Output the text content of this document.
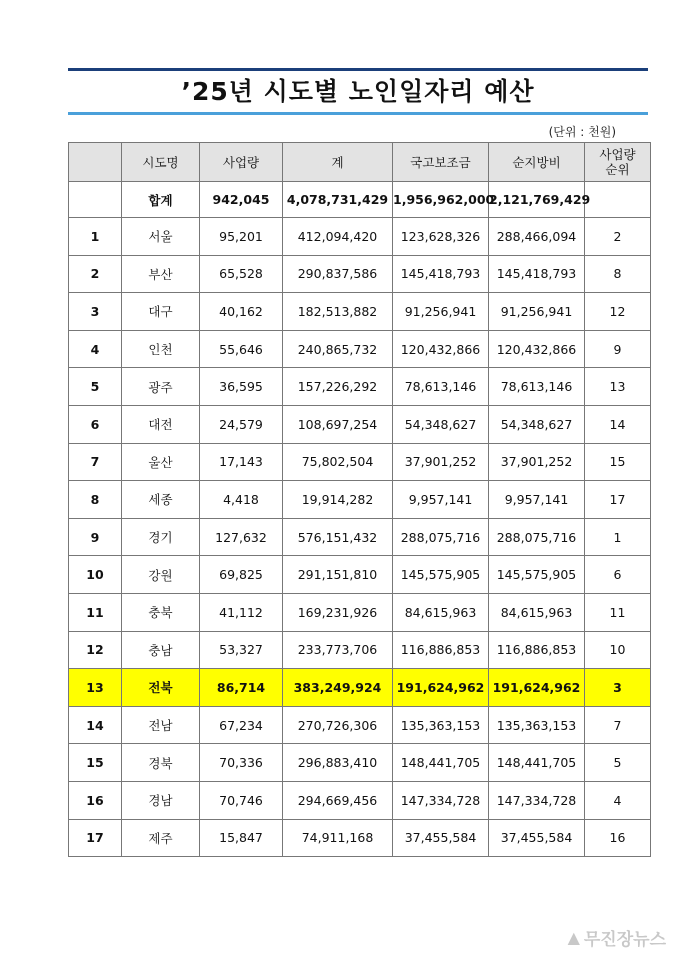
’25년 시도별 노인일자리 예산
(단위 : 천원)
	시도명	사업량	계	국고보조금	순지방비	사업량
순위
	합계	942,045	4,078,731,429	1,956,962,000	2,121,769,429	
1	서울	95,201	412,094,420	123,628,326	288,466,094	2
2	부산	65,528	290,837,586	145,418,793	145,418,793	8
3	대구	40,162	182,513,882	91,256,941	91,256,941	12
4	인천	55,646	240,865,732	120,432,866	120,432,866	9
5	광주	36,595	157,226,292	78,613,146	78,613,146	13
6	대전	24,579	108,697,254	54,348,627	54,348,627	14
7	울산	17,143	75,802,504	37,901,252	37,901,252	15
8	세종	4,418	19,914,282	9,957,141	9,957,141	17
9	경기	127,632	576,151,432	288,075,716	288,075,716	1
10	강원	69,825	291,151,810	145,575,905	145,575,905	6
11	충북	41,112	169,231,926	84,615,963	84,615,963	11
12	충남	53,327	233,773,706	116,886,853	116,886,853	10
13	전북	86,714	383,249,924	191,624,962	191,624,962	3
14	전남	67,234	270,726,306	135,363,153	135,363,153	7
15	경북	70,336	296,883,410	148,441,705	148,441,705	5
16	경남	70,746	294,669,456	147,334,728	147,334,728	4
17	제주	15,847	74,911,168	37,455,584	37,455,584	16
▲ 무진장뉴스
